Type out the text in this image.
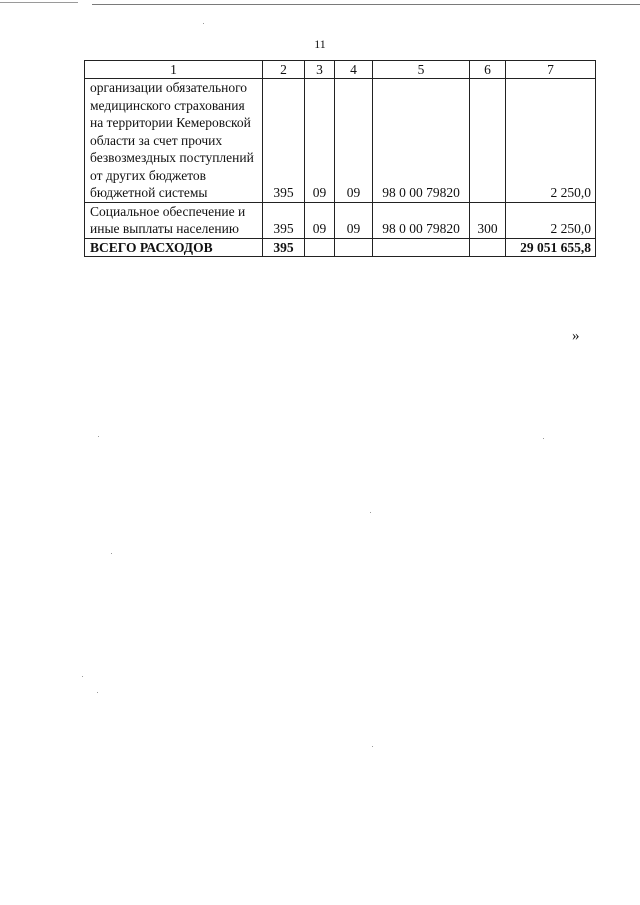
11
1	2	3	4	5	6	7
организации обязательного медицинского страхования на территории Кемеровской области за счет прочих безвозмездных поступлений от других бюджетов бюджетной системы	395	09	09	98 0 00 79820		2 250,0
Социальное обеспечение и иные выплаты населению	395	09	09	98 0 00 79820	300	2 250,0
ВСЕГО РАСХОДОВ	395					29 051 655,8
»
